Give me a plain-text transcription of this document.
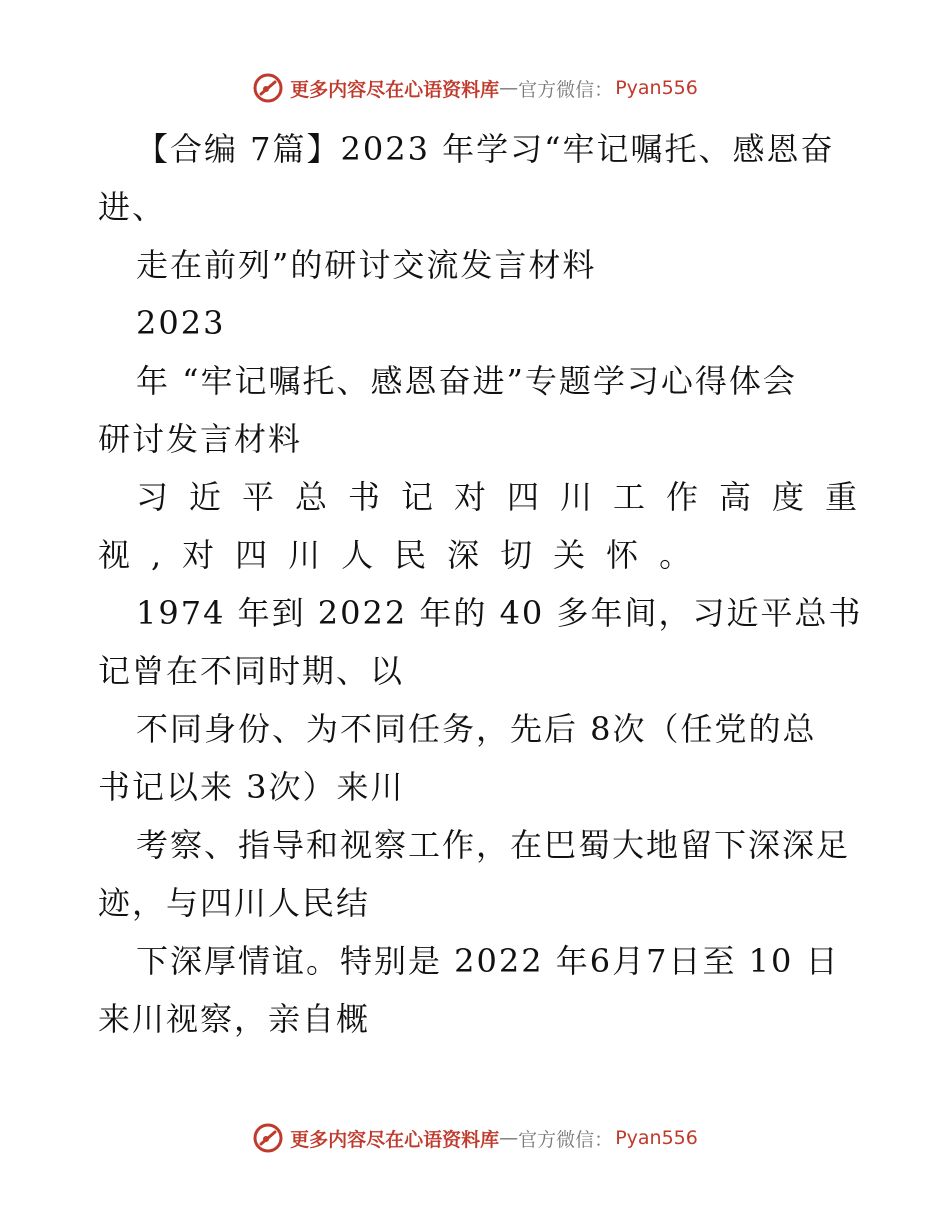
更多内容尽在心语资料库 — 官方微信： Pyan556
【合编 7篇】2023 年学习“牢记嘱托、感恩奋
进、
走在前列”的研讨交流发言材料
2023
年 “牢记嘱托、感恩奋进”专题学习心得体会
研讨发言材料
习近平总书记对四川工作高度重
视,对四川人民深切关怀。
1974 年到 2022 年的 40 多年间，习近平总书
记曾在不同时期、以
不同身份、为不同任务，先后 8次（任党的总
书记以来 3次）来川
考察、指导和视察工作，在巴蜀大地留下深深足
迹，与四川人民结
下深厚情谊。特别是 2022 年6月7日至 10 日
来川视察，亲自概
更多内容尽在心语资料库 — 官方微信： Pyan556
